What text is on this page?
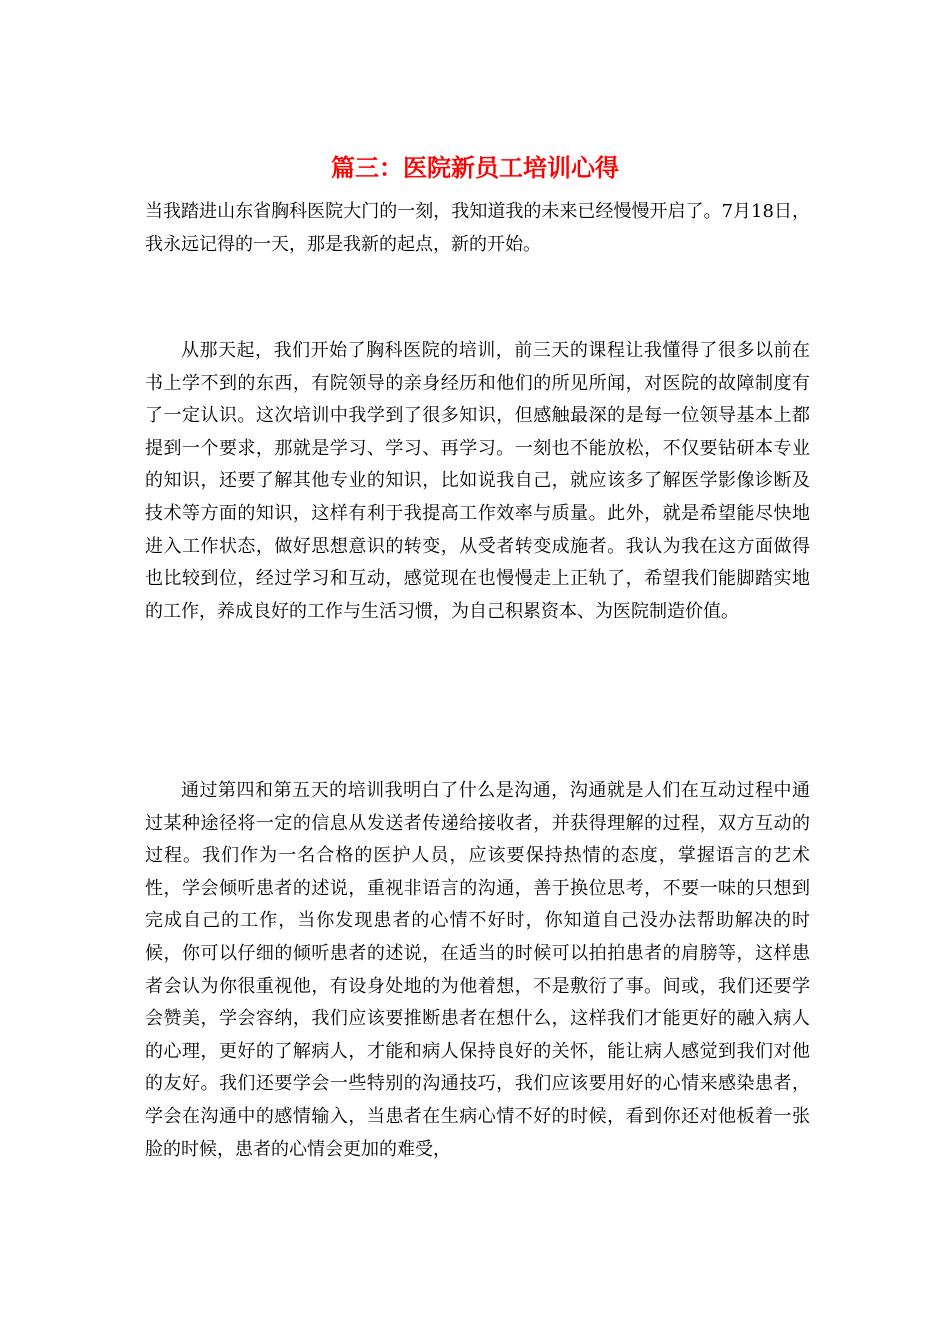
篇三：医院新员工培训心得

当我踏进山东省胸科医院大门的一刻，我知道我的未来已经慢慢开启了。7月18日，我永远记得的一天，那是我新的起点，新的开始。

从那天起，我们开始了胸科医院的培训，前三天的课程让我懂得了很多以前在书上学不到的东西，有院领导的亲身经历和他们的所见所闻，对医院的故障制度有了一定认识。这次培训中我学到了很多知识，但感触最深的是每一位领导基本上都提到一个要求，那就是学习、学习、再学习。一刻也不能放松，不仅要钻研本专业的知识，还要了解其他专业的知识，比如说我自己，就应该多了解医学影像诊断及技术等方面的知识，这样有利于我提高工作效率与质量。此外，就是希望能尽快地进入工作状态，做好思想意识的转变，从受者转变成施者。我认为我在这方面做得也比较到位，经过学习和互动，感觉现在也慢慢走上正轨了，希望我们能脚踏实地的工作，养成良好的工作与生活习惯，为自己积累资本、为医院制造价值。

通过第四和第五天的培训我明白了什么是沟通，沟通就是人们在互动过程中通过某种途径将一定的信息从发送者传递给接收者，并获得理解的过程，双方互动的过程。我们作为一名合格的医护人员，应该要保持热情的态度，掌握语言的艺术性，学会倾听患者的述说，重视非语言的沟通，善于换位思考，不要一味的只想到完成自己的工作，当你发现患者的心情不好时，你知道自己没办法帮助解决的时候，你可以仔细的倾听患者的述说，在适当的时候可以拍拍患者的肩膀等，这样患者会认为你很重视他，有设身处地的为他着想，不是敷衍了事。间或，我们还要学会赞美，学会容纳，我们应该要推断患者在想什么，这样我们才能更好的融入病人的心理，更好的了解病人，才能和病人保持良好的关怀，能让病人感觉到我们对他的友好。我们还要学会一些特别的沟通技巧，我们应该要用好的心情来感染患者，学会在沟通中的感情输入，当患者在生病心情不好的时候，看到你还对他板着一张脸的时候，患者的心情会更加的难受，
